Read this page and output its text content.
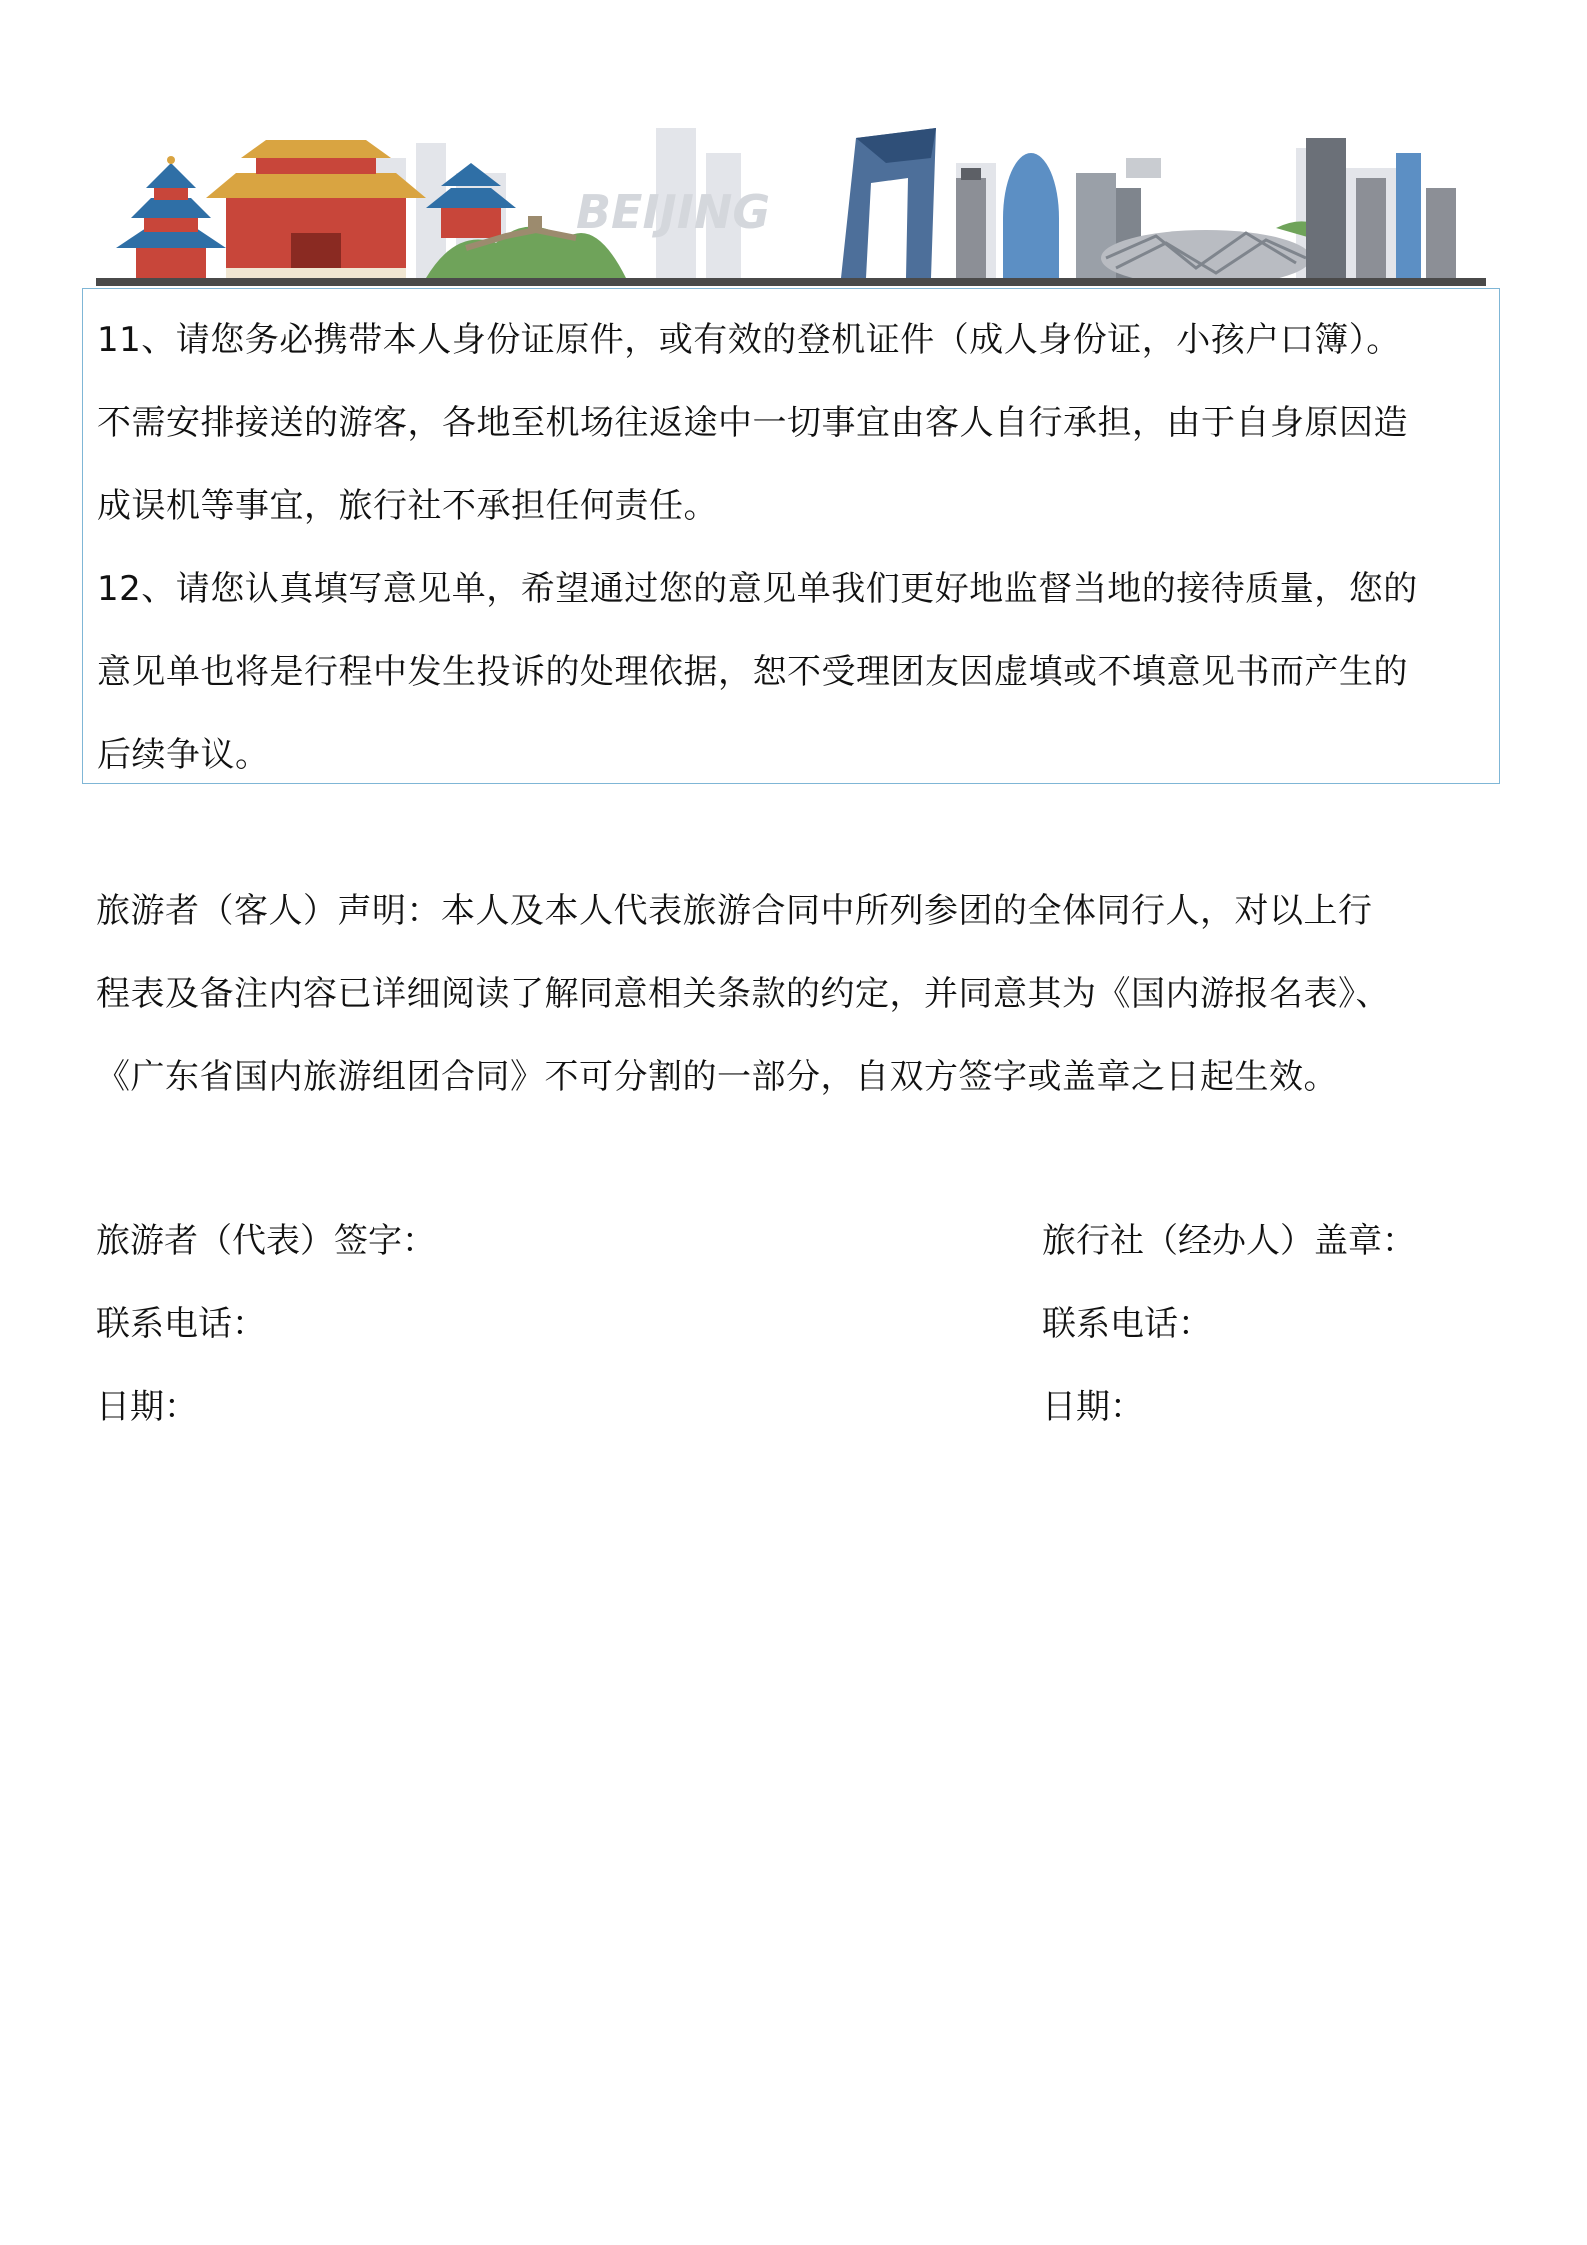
BEIJING

11、请您务必携带本人身份证原件，或有效的登机证件（成人身份证，小孩户口簿）。
不需安排接送的游客，各地至机场往返途中一切事宜由客人自行承担，由于自身原因造
成误机等事宜，旅行社不承担任何责任。

12、请您认真填写意见单，希望通过您的意见单我们更好地监督当地的接待质量，您的
意见单也将是行程中发生投诉的处理依据，恕不受理团友因虚填或不填意见书而产生的
后续争议。

旅游者（客人）声明：本人及本人代表旅游合同中所列参团的全体同行人，对以上行
程表及备注内容已详细阅读了解同意相关条款的约定，并同意其为《国内游报名表》、
《广东省国内旅游组团合同》不可分割的一部分，自双方签字或盖章之日起生效。

旅游者（代表）签字：
联系电话：
日期：
旅行社（经办人）盖章：
联系电话：
日期：
